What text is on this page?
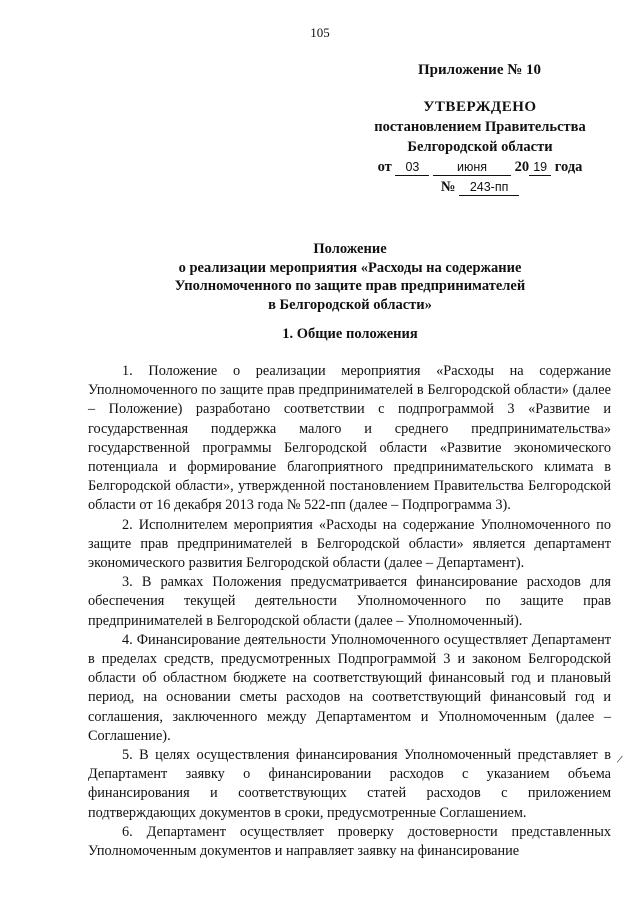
105
Приложение № 10
УТВЕРЖДЕНО
постановлением Правительства
Белгородской области
от 03	июня 20 19 года
№ 243-пп
Положение
о реализации мероприятия «Расходы на содержание
Уполномоченного по защите прав предпринимателей
в Белгородской области»
1. Общие положения

1. Положение о реализации мероприятия «Расходы на содержание Уполномоченного по защите прав предпринимателей в Белгородской области» (далее – Положение) разработано соответствии с подпрограммой 3 «Развитие и государственная поддержка малого и среднего предпринимательства» государственной программы Белгородской области «Развитие экономического потенциала и формирование благоприятного предпринимательского климата в Белгородской области», утвержденной постановлением Правительства Белгородской области от 16 декабря 2013 года № 522-пп (далее – Подпрограмма 3).

2. Исполнителем мероприятия «Расходы на содержание Уполномоченного по защите прав предпринимателей в Белгородской области» является департамент экономического развития Белгородской области (далее – Департамент).

3. В рамках Положения предусматривается финансирование расходов для обеспечения текущей деятельности Уполномоченного по защите прав предпринимателей в Белгородской области (далее – Уполномоченный).

4. Финансирование деятельности Уполномоченного осуществляет Департамент в пределах средств, предусмотренных Подпрограммой 3 и законом Белгородской области об областном бюджете на соответствующий финансовый год и плановый период, на основании сметы расходов на соответствующий финансовый год и соглашения, заключенного между Департаментом и Уполномоченным (далее – Соглашение).

5. В целях осуществления финансирования Уполномоченный представляет в Департамент заявку о финансировании расходов с указанием объема финансирования и соответствующих статей расходов с приложением подтверждающих документов в сроки, предусмотренные Соглашением.

6. Департамент осуществляет проверку достоверности представленных Уполномоченным документов и направляет заявку на финансирование

/
